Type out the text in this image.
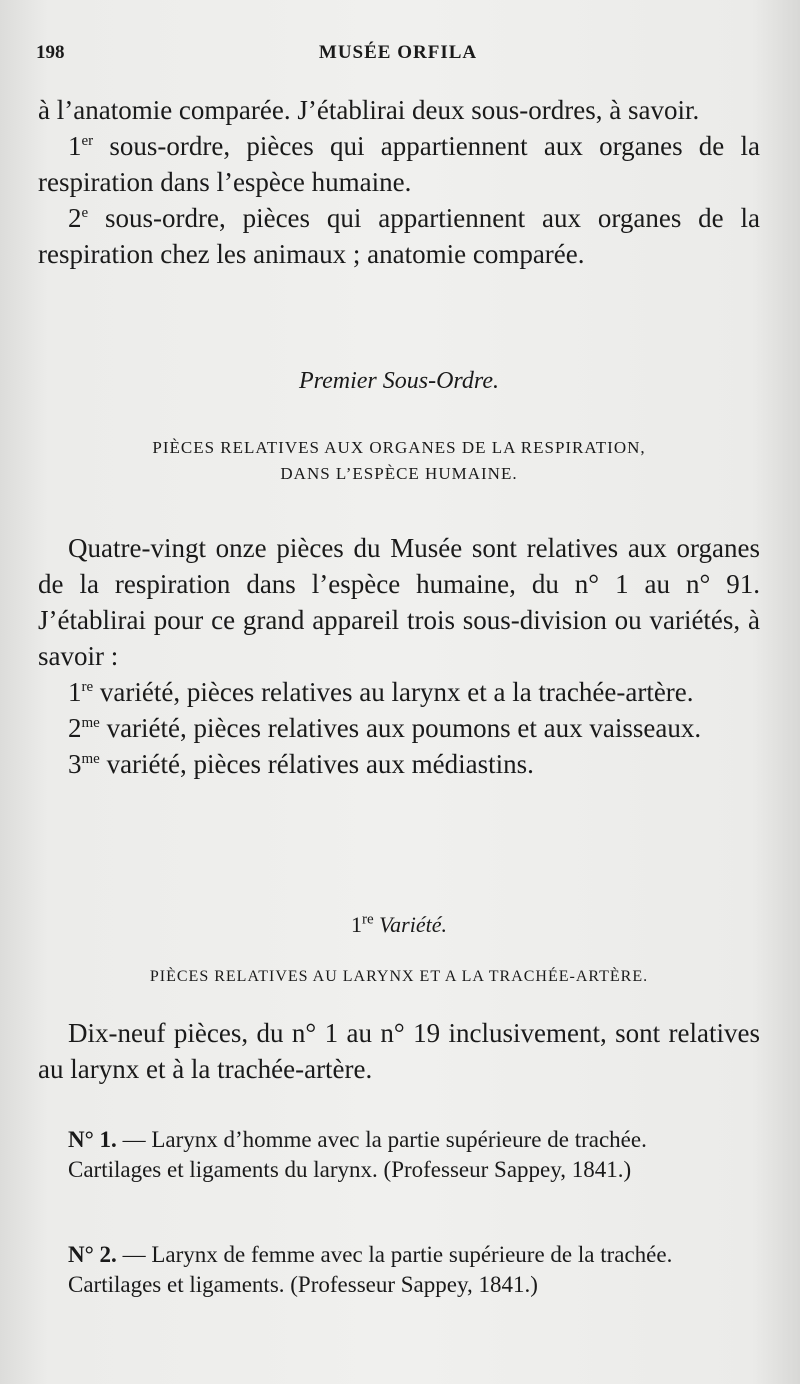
198	MUSÉE ORFILA

à l’anatomie comparée. J’établirai deux sous-ordres, à savoir.

1er sous-ordre, pièces qui appartiennent aux organes de la respiration dans l’espèce humaine.

2e sous-ordre, pièces qui appartiennent aux organes de la respiration chez les animaux ; anatomie comparée.

Premier Sous-Ordre.

PIÈCES RELATIVES AUX ORGANES DE LA RESPIRATION,

DANS L’ESPÈCE HUMAINE.

Quatre-vingt onze pièces du Musée sont relatives aux organes de la respiration dans l’espèce humaine, du n° 1 au n° 91. J’établirai pour ce grand appareil trois sous-division ou variétés, à savoir :

1re variété, pièces relatives au larynx et a la trachée-artère.

$2^{me}$ variété, pièces relatives aux poumons et aux vaisseaux.

$3^{me}$ variété, pièces rélatives aux médiastins.

1re Variété.

PIÈCES RELATIVES AU LARYNX ET A LA TRACHÉE-ARTÈRE.

Dix-neuf pièces, du n° 1 au n° 19 inclusivement, sont relatives au larynx et à la trachée-artère.

N° 1. — Larynx d’homme avec la partie supérieure de trachée.

Cartilages et ligaments du larynx. (Professeur Sappey, 1841.)

N° 2. — Larynx de femme avec la partie supérieure de la trachée.

Cartilages et ligaments. (Professeur Sappey, 1841.)
